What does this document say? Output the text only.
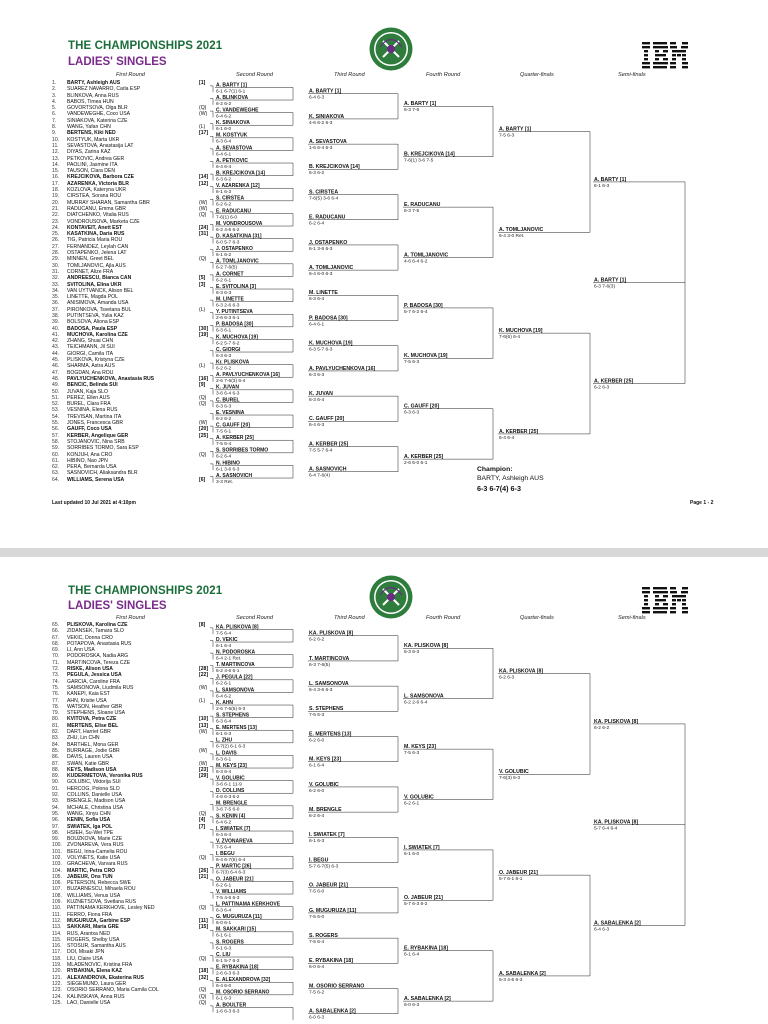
THE CHAMPIONSHIPS 2021
LADIES' SINGLES
First Round	Second Round	Third Round	Fourth Round	Quarter-finals	Semi-finals
1.	BARTY, Ashleigh AUS	[1]
2.	SUAREZ NAVARRO, Carla ESP
3.	BLINKOVA, Anna RUS
4.	BABOS, Timea HUN
5.	GOVORTSOVA, Olga BLR	(Q)
6.	VANDEWEGHE, Coco USA	(W)
7.	SINIAKOVA, Katerina CZE
8.	WANG, Yafan CHN	(L)
9.	BERTENS, Kiki NED	[17]
10.	KOSTYUK, Marta UKR
11.	SEVASTOVA, Anastasija LAT
12.	DIYAS, Zarina KAZ
13.	PETKOVIC, Andrea GER
14.	PAOLINI, Jasmine ITA
15.	TAUSON, Clara DEN
16.	KREJCIKOVA, Barbora CZE	[14]
17.	AZARENKA, Victoria BLR	[12]
18.	KOZLOVA, Kateryna UKR
19.	CIRSTEA, Sorana ROU
20.	MURRAY SHARAN, Samantha GBR	(W)
21.	RADUCANU, Emma GBR	(W)
22.	DIATCHENKO, Vitalia RUS	(Q)
23.	VONDROUSOVA, Marketa CZE
24.	KONTAVEIT, Anett EST	[24]
25.	KASATKINA, Daria RUS	[31]
26.	TIG, Patricia Maria ROU
27.	FERNANDEZ, Leylah CAN
28.	OSTAPENKO, Jelena LAT
29.	MINNEN, Greet BEL	(Q)
30.	TOMLJANOVIC, Ajla AUS
31.	CORNET, Alize FRA
32.	ANDREESCU, Bianca CAN	[5]
33.	SVITOLINA, Elina UKR	[3]
34.	VAN UYTVANCK, Alison BEL
35.	LINETTE, Magda POL
36.	ANISIMOVA, Amanda USA
37.	PIRONKOVA, Tsvetana BUL	(L)
38.	PUTINTSEVA, Yulia KAZ
39.	BOLSOVA, Aliona ESP
40.	BADOSA, Paula ESP	[30]
41.	MUCHOVA, Karolina CZE	[19]
42.	ZHANG, Shuai CHN
43.	TEICHMANN, Jil SUI
44.	GIORGI, Camila ITA
45.	PLISKOVA, Kristyna CZE
46.	SHARMA, Astra AUS	(L)
47.	BOGDAN, Ana ROU
48.	PAVLYUCHENKOVA, Anastasia RUS	[16]
49.	BENCIC, Belinda SUI	[9]
50.	JUVAN, Kaja SLO
51.	PEREZ, Ellen AUS	(Q)
52.	BUREL, Clara FRA	(Q)
53.	VESNINA, Elena RUS
54.	TREVISAN, Martina ITA
55.	JONES, Francesca GBR	(W)
56.	GAUFF, Coco USA	[20]
57.	KERBER, Angelique GER	[25]
58.	STOJANOVIC, Nina SRB
59.	SORRIBES TORMO, Sara ESP
60.	KONJUH, Ana CRO	(Q)
61.	HIBINO, Nao JPN
62.	PERA, Bernarda USA
63.	SASNOVICH, Aliaksandra BLR
64.	WILLIAMS, Serena USA	[6]
A. BARTY [1]
6-1 6-7(1) 6-1
A. BLINKOVA
6-2 6-2
C. VANDEWEGHE
6-4 6-2
K. SINIAKOVA
6-1 6-0
M. KOSTYUK
6-3 6-4
A. SEVASTOVA
6-4 6-1
A. PETKOVIC
6-4 6-4
B. KREJCIKOVA [14]
6-3 6-2
V. AZARENKA [12]
6-1 6-3
S. CIRSTEA
6-2 6-2
E. RADUCANU
7-6(1) 6-0
M. VONDROUSOVA
6-2 4-6 6-2
D. KASATKINA [31]
6-0 5-7 6-3
J. OSTAPENKO
6-1 6-2
A. TOMLJANOVIC
6-2 7-6(5)
A. CORNET
6-2 6-1
E. SVITOLINA [3]
6-3 6-3
M. LINETTE
6-3 2-6 6-3
Y. PUTINTSEVA
2-6 6-3 6-1
P. BADOSA [30]
6-3 6-1
K. MUCHOVA [19]
6-2 5-7 6-2
C. GIORGI
6-3 6-3
Kr. PLISKOVA
6-2 6-2
A. PAVLYUCHENKOVA [16]
2-6 7-6(3) 6-4
K. JUVAN
3-6 6-4 6-3
C. BUREL
6-3 6-3
E. VESNINA
6-2 6-2
C. GAUFF [20]
7-5 6-1
A. KERBER [25]
7-5 6-4
S. SORRIBES TORMO
6-2 6-4
N. HIBINO
6-1 3-6 6-3
A. SASNOVICH
3-3 Ret.
A. BARTY [1]
6-4 6-3
K. SINIAKOVA
4-6 6-2 6-3
A. SEVASTOVA
1-6 6-4 6-3
B. KREJCIKOVA [14]
6-3 6-2
S. CIRSTEA
7-6(5) 3-6 6-4
E. RADUCANU
6-2 6-4
J. OSTAPENKO
6-1 3-6 6-3
A. TOMLJANOVIC
6-4 6-0 6-3
M. LINETTE
6-3 6-4
P. BADOSA [30]
6-4 6-1
K. MUCHOVA [19]
6-3 5-7 6-3
A. PAVLYUCHENKOVA [16]
6-3 6-3
K. JUVAN
6-3 6-4
C. GAUFF [20]
6-4 6-3
A. KERBER [25]
7-5 5-7 6-4
A. SASNOVICH
6-4 7-6(4)
A. BARTY [1]
6-3 7-5
B. KREJCIKOVA [14]
7-6(1) 3-6 7-5
E. RADUCANU
6-3 7-5
A. TOMLJANOVIC
4-6 6-4 6-2
P. BADOSA [30]
5-7 6-2 6-4
K. MUCHOVA [19]
7-5 6-3
C. GAUFF [20]
6-3 6-3
A. KERBER [25]
2-6 6-0 6-1
A. BARTY [1]
7-5 6-3
A. TOMLJANOVIC
6-4 3-0 Ret.
K. MUCHOVA [19]
7-6(6) 6-4
A. KERBER [25]
6-4 6-4
A. BARTY [1]
6-1 6-3
A. KERBER [25]
6-2 6-3
A. BARTY [1]
6-3 7-6(3)
Champion:
BARTY, Ashleigh AUS
6-3 6-7(4) 6-3
Last updated 10 Jul 2021 at 4:10pm	Page 1 - 2
THE CHAMPIONSHIPS 2021
LADIES' SINGLES
First Round	Second Round	Third Round	Fourth Round	Quarter-finals	Semi-finals
65.	PLISKOVA, Karolina CZE	[8]
66.	ZIDANSEK, Tamara SLO
67.	VEKIC, Donna CRO
68.	POTAPOVA, Anastasia RUS
69.	LI, Ann USA
70.	PODOROSKA, Nadia ARG
71.	MARTINCOVA, Tereza CZE
72.	RISKE, Alison USA	[28]
73.	PEGULA, Jessica USA	[22]
74.	GARCIA, Caroline FRA
75.	SAMSONOVA, Liudmila RUS	(W)
76.	KANEPI, Kaia EST
77.	AHN, Kristie USA	(L)
78.	WATSON, Heather GBR
79.	STEPHENS, Sloane USA
80.	KVITOVA, Petra CZE	[10]
81.	MERTENS, Elise BEL	[13]
82.	DART, Harriet GBR	(W)
83.	ZHU, Lin CHN
84.	BARTHEL, Mona GER
85.	BURRAGE, Jodie GBR	(W)
86.	DAVIS, Lauren USA
87.	SWAN, Katie GBR	(W)
88.	KEYS, Madison USA	[23]
89.	KUDERMETOVA, Veronika RUS	[29]
90.	GOLUBIC, Viktorija SUI
91.	HERCOG, Polona SLO
92.	COLLINS, Danielle USA
93.	BRENGLE, Madison USA
94.	MCHALE, Christina USA
95.	WANG, Xinyu CHN	(Q)
96.	KENIN, Sofia USA	[4]
97.	SWIATEK, Iga POL	[7]
98.	HSIEH, Su-Wei TPE
99.	BOUZKOVA, Marie CZE
100. ZVONAREVA, Vera RUS
101. BEGU, Irina-Camelia ROU
102. VOLYNETS, Katie USA	(Q)
103. GRACHEVA, Varvara RUS
104. MARTIC, Petra CRO	[26]
105. JABEUR, Ons TUN	[21]
106. PETERSON, Rebecca SWE
107. BUZARNESCU, Mihaela ROU
108. WILLIAMS, Venus USA
109. KUZNETSOVA, Svetlana RUS
110.	PATTINAMA KERKHOVE, Lesley NED	(Q)
111.	FERRO, Fiona FRA
112.	MUGURUZA, Garbine ESP	[11]
113.	SAKKARI, Maria GRE	[15]
114.	RUS, Arantxa NED
115.	ROGERS, Shelby USA
116.	STOSUR, Samantha AUS
117.	DOI, Misaki JPN
118.	LIU, Claire USA	(Q)
119.	MLADENOVIC, Kristina FRA
120. RYBAKINA, Elena KAZ	[18]
121. ALEXANDROVA, Ekaterina RUS	[32]
122. SIEGEMUND, Laura GER
123. OSORIO SERRANO, Maria Camila COL	(Q)
124. KALINSKAYA, Anna RUS	(Q)
125. LAO, Danielle USA	(Q)
KA. PLISKOVA [8]
7-5 6-4
D. VEKIC
6-1 6-4
N. PODOROSKA
6-4 2-1 Ret.
T. MARTINCOVA
6-2 4-6 6-1
J. PEGULA [22]
6-2 6-1
L. SAMSONOVA
6-4 6-2
K. AHN
2-6 7-6(5) 6-3
S. STEPHENS
6-3 6-4
E. MERTENS [13]
6-1 6-3
L. ZHU
6-7(2) 6-1 6-3
L. DAVIS
6-3 6-1
M. KEYS [23]
6-3 6-4
V. GOLUBIC
3-6 6-1 11-9
D. COLLINS
4-6 6-3 6-2
M. BRENGLE
3-6 7-5 6-0
S. KENIN [4]
6-4 6-2
I. SWIATEK [7]
6-4 6-4
V. ZVONAREVA
7-5 6-4
I. BEGU
6-4 6-7(5) 6-4
P. MARTIC [26]
6-7(3) 6-4 6-3
O. JABEUR [21]
6-2 6-1
V. WILLIAMS
7-5 4-6 6-3
L. PATTINAMA KERKHOVE
6-3 6-4
G. MUGURUZA [11]
6-0 6-1
M. SAKKARI [15]
6-1 6-1
S. ROGERS
6-1 6-3
C. LIU
6-1 5-7 6-3
E. RYBAKINA [18]
2-6 6-3 6-3
E. ALEXANDROVA [32]
6-4 6-0
M. OSORIO SERRANO
6-1 6-3
A. BOULTER
1-6 6-3 6-3
KA. PLISKOVA [8]
6-2 6-2
T. MARTINCOVA
6-3 7-6(5)
L. SAMSONOVA
6-4 3-6 6-3
S. STEPHENS
7-5 6-3
E. MERTENS [13]
6-2 6-0
M. KEYS [23]
6-1 6-4
V. GOLUBIC
6-2 6-0
M. BRENGLE
6-2 6-4
I. SWIATEK [7]
6-1 6-3
I. BEGU
5-7 6-7(5) 6-3
O. JABEUR [21]
7-5 6-0
G. MUGURUZA [11]
7-5 6-0
S. ROGERS
7-5 6-4
E. RYBAKINA [18]
6-0 6-4
M. OSORIO SERRANO
7-5 6-2
A. SABALENKA [2]
6-0 6-3
KA. PLISKOVA [8]
6-3 6-3
L. SAMSONOVA
6-2 2-6 6-4
M. KEYS [23]
7-5 6-3
V. GOLUBIC
6-2 6-1
I. SWIATEK [7]
6-1 6-0
O. JABEUR [21]
5-7 6-3 6-2
E. RYBAKINA [18]
6-1 6-4
A. SABALENKA [2]
6-0 6-3
KA. PLISKOVA [8]
6-2 6-3
V. GOLUBIC
7-6(3) 6-3
O. JABEUR [21]
5-7 6-1 6-1
A. SABALENKA [2]
5-3 4-6 6-3
KA. PLISKOVA [8]
6-2 6-2
A. SABALENKA [2]
6-4 6-3
KA. PLISKOVA [8]
5-7 6-4 6-4
